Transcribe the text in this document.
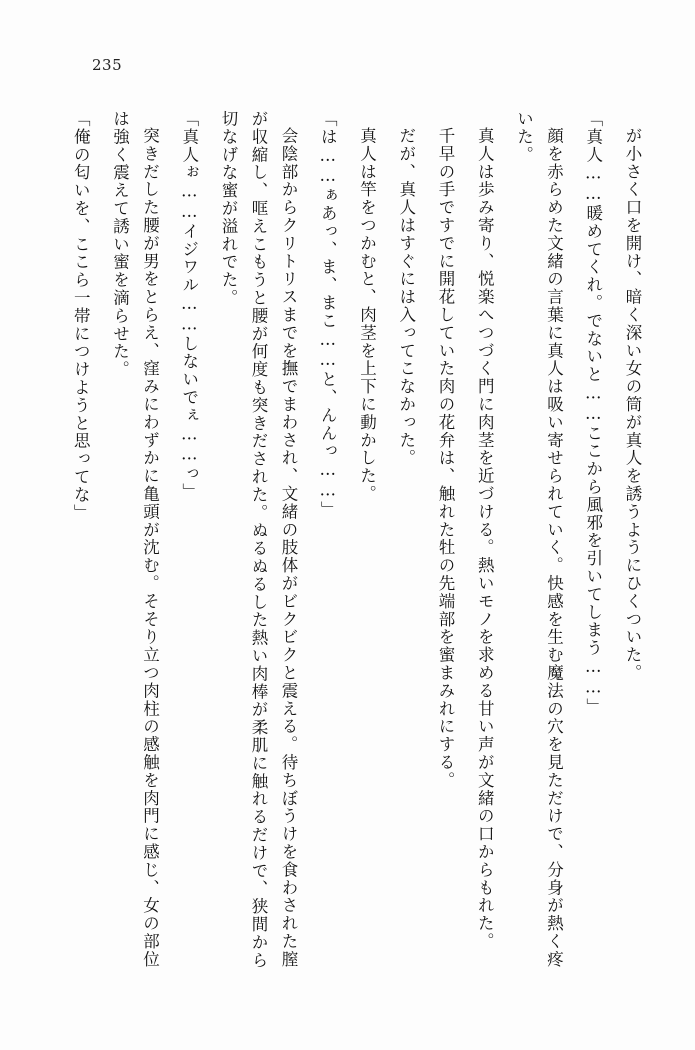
235

が小さく口を開け、暗く深い女の筒が真人を誘うようにひくついた。

「真人……暖めてくれ。でないと……ここから風邪を引いてしまう……」

顔を赤らめた文緒の言葉に真人は吸い寄せられていく。快感を生む魔法の穴を見ただけで、分身が熱く疼いた。

真人は歩み寄り、悦楽へつづく門に肉茎を近づける。熱いモノを求める甘い声が文緒の口からもれた。

千早の手ですでに開花していた肉の花弁は、触れた牡の先端部を蜜まみれにする。

だが、真人はすぐには入ってこなかった。

真人は竿をつかむと、肉茎を上下に動かした。

「は……ぁあっ、ま、まこ……と、んんっ……」

会陰部からクリトリスまでを撫でまわされ、文緒の肢体がビクビクと震える。待ちぼうけを食わされた膣が収縮し、哐えこもうと腰が何度も突きだされた。ぬるぬるした熱い肉棒が柔肌に触れるだけで、狭間から切なげな蜜が溢れでた。

「真人ぉ……イジワル……しないでぇ……っ」

突きだした腰が男をとらえ、窪みにわずかに亀頭が沈む。そそり立つ肉柱の感触を肉門に感じ、女の部位は強く震えて誘い蜜を滴らせた。

「俺の匂いを、ここら一帯につけようと思ってな」
